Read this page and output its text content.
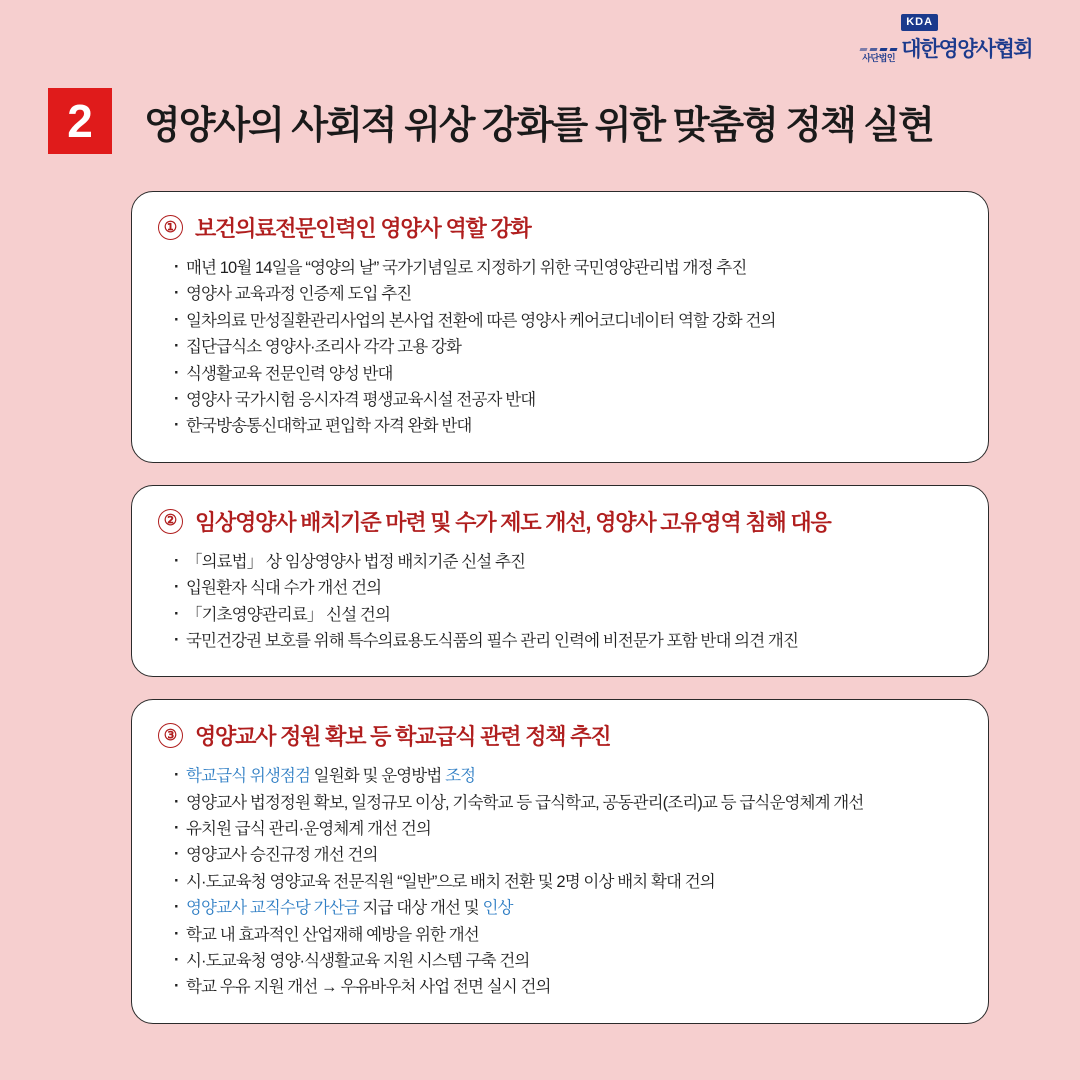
사단법인
KDA
대한영양사협회
2	영양사의 사회적 위상 강화를 위한 맞춤형 정책 실현
① 보건의료전문인력인 영양사 역할 강화
· 매년 10월 14일을 “영양의 날” 국가기념일로 지정하기 위한 국민영양관리법 개정 추진
· 영양사 교육과정 인증제 도입 추진
· 일차의료 만성질환관리사업의 본사업 전환에 따른 영양사 케어코디네이터 역할 강화 건의
· 집단급식소 영양사·조리사 각각 고용 강화
· 식생활교육 전문인력 양성 반대
· 영양사 국가시험 응시자격 평생교육시설 전공자 반대
· 한국방송통신대학교 편입학 자격 완화 반대
② 임상영양사 배치기준 마련 및 수가 제도 개선, 영양사 고유영역 침해 대응
· 「의료법」 상 임상영양사 법정 배치기준 신설 추진
· 입원환자 식대 수가 개선 건의
· 「기초영양관리료」 신설 건의
· 국민건강권 보호를 위해 특수의료용도식품의 필수 관리 인력에 비전문가 포함 반대 의견 개진
③ 영양교사 정원 확보 등 학교급식 관련 정책 추진
· 학교급식 위생점검 일원화 및 운영방법 조정
· 영양교사 법정정원 확보, 일정규모 이상, 기숙학교 등 급식학교, 공동관리(조리)교 등 급식운영체계 개선
· 유치원 급식 관리·운영체계 개선 건의
· 영양교사 승진규정 개선 건의
· 시·도교육청 영양교육 전문직원 “일반”으로 배치 전환 및 2명 이상 배치 확대 건의
· 영양교사 교직수당 가산금 지급 대상 개선 및 인상
· 학교 내 효과적인 산업재해 예방을 위한 개선
· 시·도교육청 영양·식생활교육 지원 시스템 구축 건의
· 학교 우유 지원 개선 → 우유바우처 사업 전면 실시 건의
